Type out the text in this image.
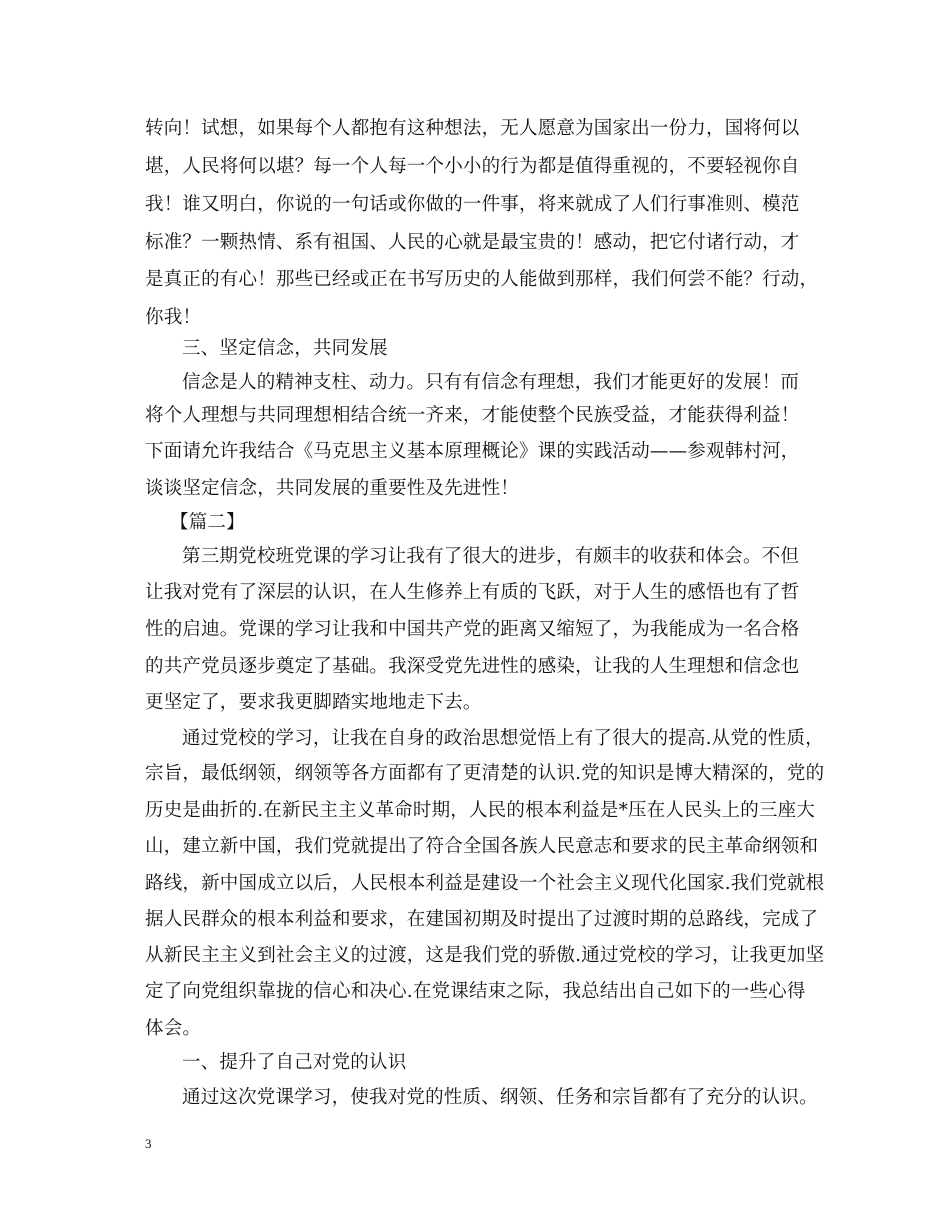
转向！试想，如果每个人都抱有这种想法，无人愿意为国家出一份力，国将何以
堪，人民将何以堪？每一个人每一个小小的行为都是值得重视的，不要轻视你自
我！谁又明白，你说的一句话或你做的一件事，将来就成了人们行事准则、模范
标准？一颗热情、系有祖国、人民的心就是最宝贵的！感动，把它付诸行动，才
是真正的有心！那些已经或正在书写历史的人能做到那样，我们何尝不能？行动，
你我！
三、坚定信念，共同发展
信念是人的精神支柱、动力。只有有信念有理想，我们才能更好的发展！而
将个人理想与共同理想相结合统一齐来，才能使整个民族受益，才能获得利益！
下面请允许我结合《马克思主义基本原理概论》课的实践活动——参观韩村河，
谈谈坚定信念，共同发展的重要性及先进性！
【篇二】
第三期党校班党课的学习让我有了很大的进步，有颇丰的收获和体会。不但
让我对党有了深层的认识，在人生修养上有质的飞跃，对于人生的感悟也有了哲
性的启迪。党课的学习让我和中国共产党的距离又缩短了，为我能成为一名合格
的共产党员逐步奠定了基础。我深受党先进性的感染，让我的人生理想和信念也
更坚定了，要求我更脚踏实地地走下去。
通过党校的学习，让我在自身的政治思想觉悟上有了很大的提高.从党的性质，
宗旨，最低纲领，纲领等各方面都有了更清楚的认识.党的知识是博大精深的，党的
历史是曲折的.在新民主主义革命时期，人民的根本利益是*压在人民头上的三座大
山，建立新中国，我们党就提出了符合全国各族人民意志和要求的民主革命纲领和
路线，新中国成立以后，人民根本利益是建设一个社会主义现代化国家.我们党就根
据人民群众的根本利益和要求，在建国初期及时提出了过渡时期的总路线，完成了
从新民主主义到社会主义的过渡，这是我们党的骄傲.通过党校的学习，让我更加坚
定了向党组织靠拢的信心和决心.在党课结束之际，我总结出自己如下的一些心得
体会。
一、提升了自己对党的认识
通过这次党课学习，使我对党的性质、纲领、任务和宗旨都有了充分的认识。
3
